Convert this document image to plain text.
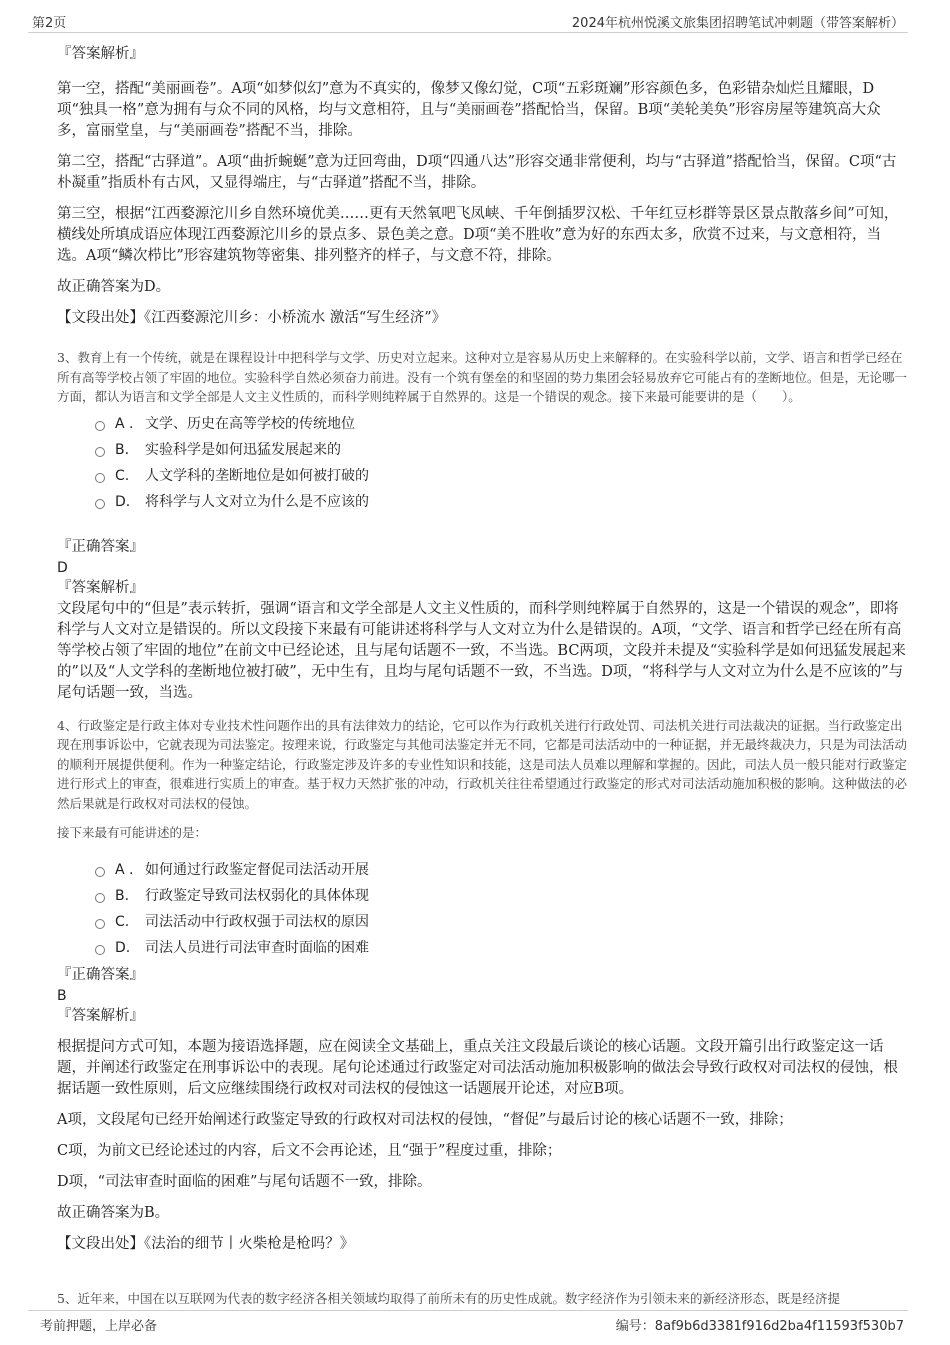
第2页	2024年杭州悦溪文旅集团招聘笔试冲刺题（带答案解析）

『答案解析』

第一空，搭配“美丽画卷”。A项“如梦似幻”意为不真实的，像梦又像幻觉，C项“五彩斑斓”形容颜色多，色彩错杂灿烂且耀眼，D项“独具一格”意为拥有与众不同的风格，均与文意相符，且与“美丽画卷”搭配恰当，保留。B项“美轮美奂”形容房屋等建筑高大众多，富丽堂皇，与“美丽画卷”搭配不当，排除。

第二空，搭配“古驿道”。A项“曲折蜿蜒”意为迂回弯曲，D项“四通八达”形容交通非常便利，均与“古驿道”搭配恰当，保留。C项“古朴凝重”指质朴有古风，又显得端庄，与“古驿道”搭配不当，排除。

第三空，根据“江西婺源沱川乡自然环境优美……更有天然氧吧飞凤峡、千年倒插罗汉松、千年红豆杉群等景区景点散落乡间”可知，横线处所填成语应体现江西婺源沱川乡的景点多、景色美之意。D项“美不胜收”意为好的东西太多，欣赏不过来，与文意相符，当选。A项“鳞次栉比”形容建筑物等密集、排列整齐的样子，与文意不符，排除。

故正确答案为D。

【文段出处】《江西婺源沱川乡：小桥流水 激活“写生经济”》

3、教育上有一个传统，就是在课程设计中把科学与文学、历史对立起来。这种对立是容易从历史上来解释的。在实验科学以前，文学、语言和哲学已经在所有高等学校占领了牢固的地位。实验科学自然必须奋力前进。没有一个筑有堡垒的和坚固的势力集团会轻易放弃它可能占有的垄断地位。但是，无论哪一方面，都认为语言和文学全部是人文主义性质的，而科学则纯粹属于自然界的。这是一个错误的观念。接下来最可能要讲的是（　　）。

A . 文学、历史在高等学校的传统地位
B.	实验科学是如何迅猛发展起来的
C.	人文学科的垄断地位是如何被打破的
D.	将科学与人文对立为什么是不应该的

『正确答案』

D

『答案解析』

文段尾句中的“但是”表示转折，强调“语言和文学全部是人文主义性质的，而科学则纯粹属于自然界的，这是一个错误的观念”，即将科学与人文对立是错误的。所以文段接下来最有可能讲述将科学与人文对立为什么是错误的。A项，“文学、语言和哲学已经在所有高等学校占领了牢固的地位”在前文中已经论述，且与尾句话题不一致，不当选。BC两项，文段并未提及“实验科学是如何迅猛发展起来的”以及“人文学科的垄断地位被打破”，无中生有，且均与尾句话题不一致，不当选。D项，“将科学与人文对立为什么是不应该的”与尾句话题一致，当选。

4、行政鉴定是行政主体对专业技术性问题作出的具有法律效力的结论，它可以作为行政机关进行行政处罚、司法机关进行司法裁决的证据。当行政鉴定出现在刑事诉讼中，它就表现为司法鉴定。按理来说，行政鉴定与其他司法鉴定并无不同，它都是司法活动中的一种证据，并无最终裁决力，只是为司法活动的顺利开展提供便利。作为一种鉴定结论，行政鉴定涉及许多的专业性知识和技能，这是司法人员难以理解和掌握的。因此，司法人员一般只能对行政鉴定进行形式上的审查，很难进行实质上的审查。基于权力天然扩张的冲动，行政机关往往希望通过行政鉴定的形式对司法活动施加积极的影响。这种做法的必然后果就是行政权对司法权的侵蚀。

接下来最有可能讲述的是：

A . 如何通过行政鉴定督促司法活动开展
B.	行政鉴定导致司法权弱化的具体体现
C.	司法活动中行政权强于司法权的原因
D.	司法人员进行司法审查时面临的困难

『正确答案』

B

『答案解析』

根据提问方式可知，本题为接语选择题，应在阅读全文基础上，重点关注文段最后谈论的核心话题。文段开篇引出行政鉴定这一话题，并阐述行政鉴定在刑事诉讼中的表现。尾句论述通过行政鉴定对司法活动施加积极影响的做法会导致行政权对司法权的侵蚀，根据话题一致性原则，后文应继续围绕行政权对司法权的侵蚀这一话题展开论述，对应B项。

A项，文段尾句已经开始阐述行政鉴定导致的行政权对司法权的侵蚀，“督促”与最后讨论的核心话题不一致，排除；

C项，为前文已经论述过的内容，后文不会再论述，且“强于”程度过重，排除；

D项，“司法审查时面临的困难”与尾句话题不一致，排除。

故正确答案为B。

【文段出处】《法治的细节丨火柴枪是枪吗？》

5、近年来，中国在以互联网为代表的数字经济各相关领域均取得了前所未有的历史性成就。数字经济作为引领未来的新经济形态，既是经济提

考前押题，上岸必备	编号：8af9b6d3381f916d2ba4f11593f530b7
